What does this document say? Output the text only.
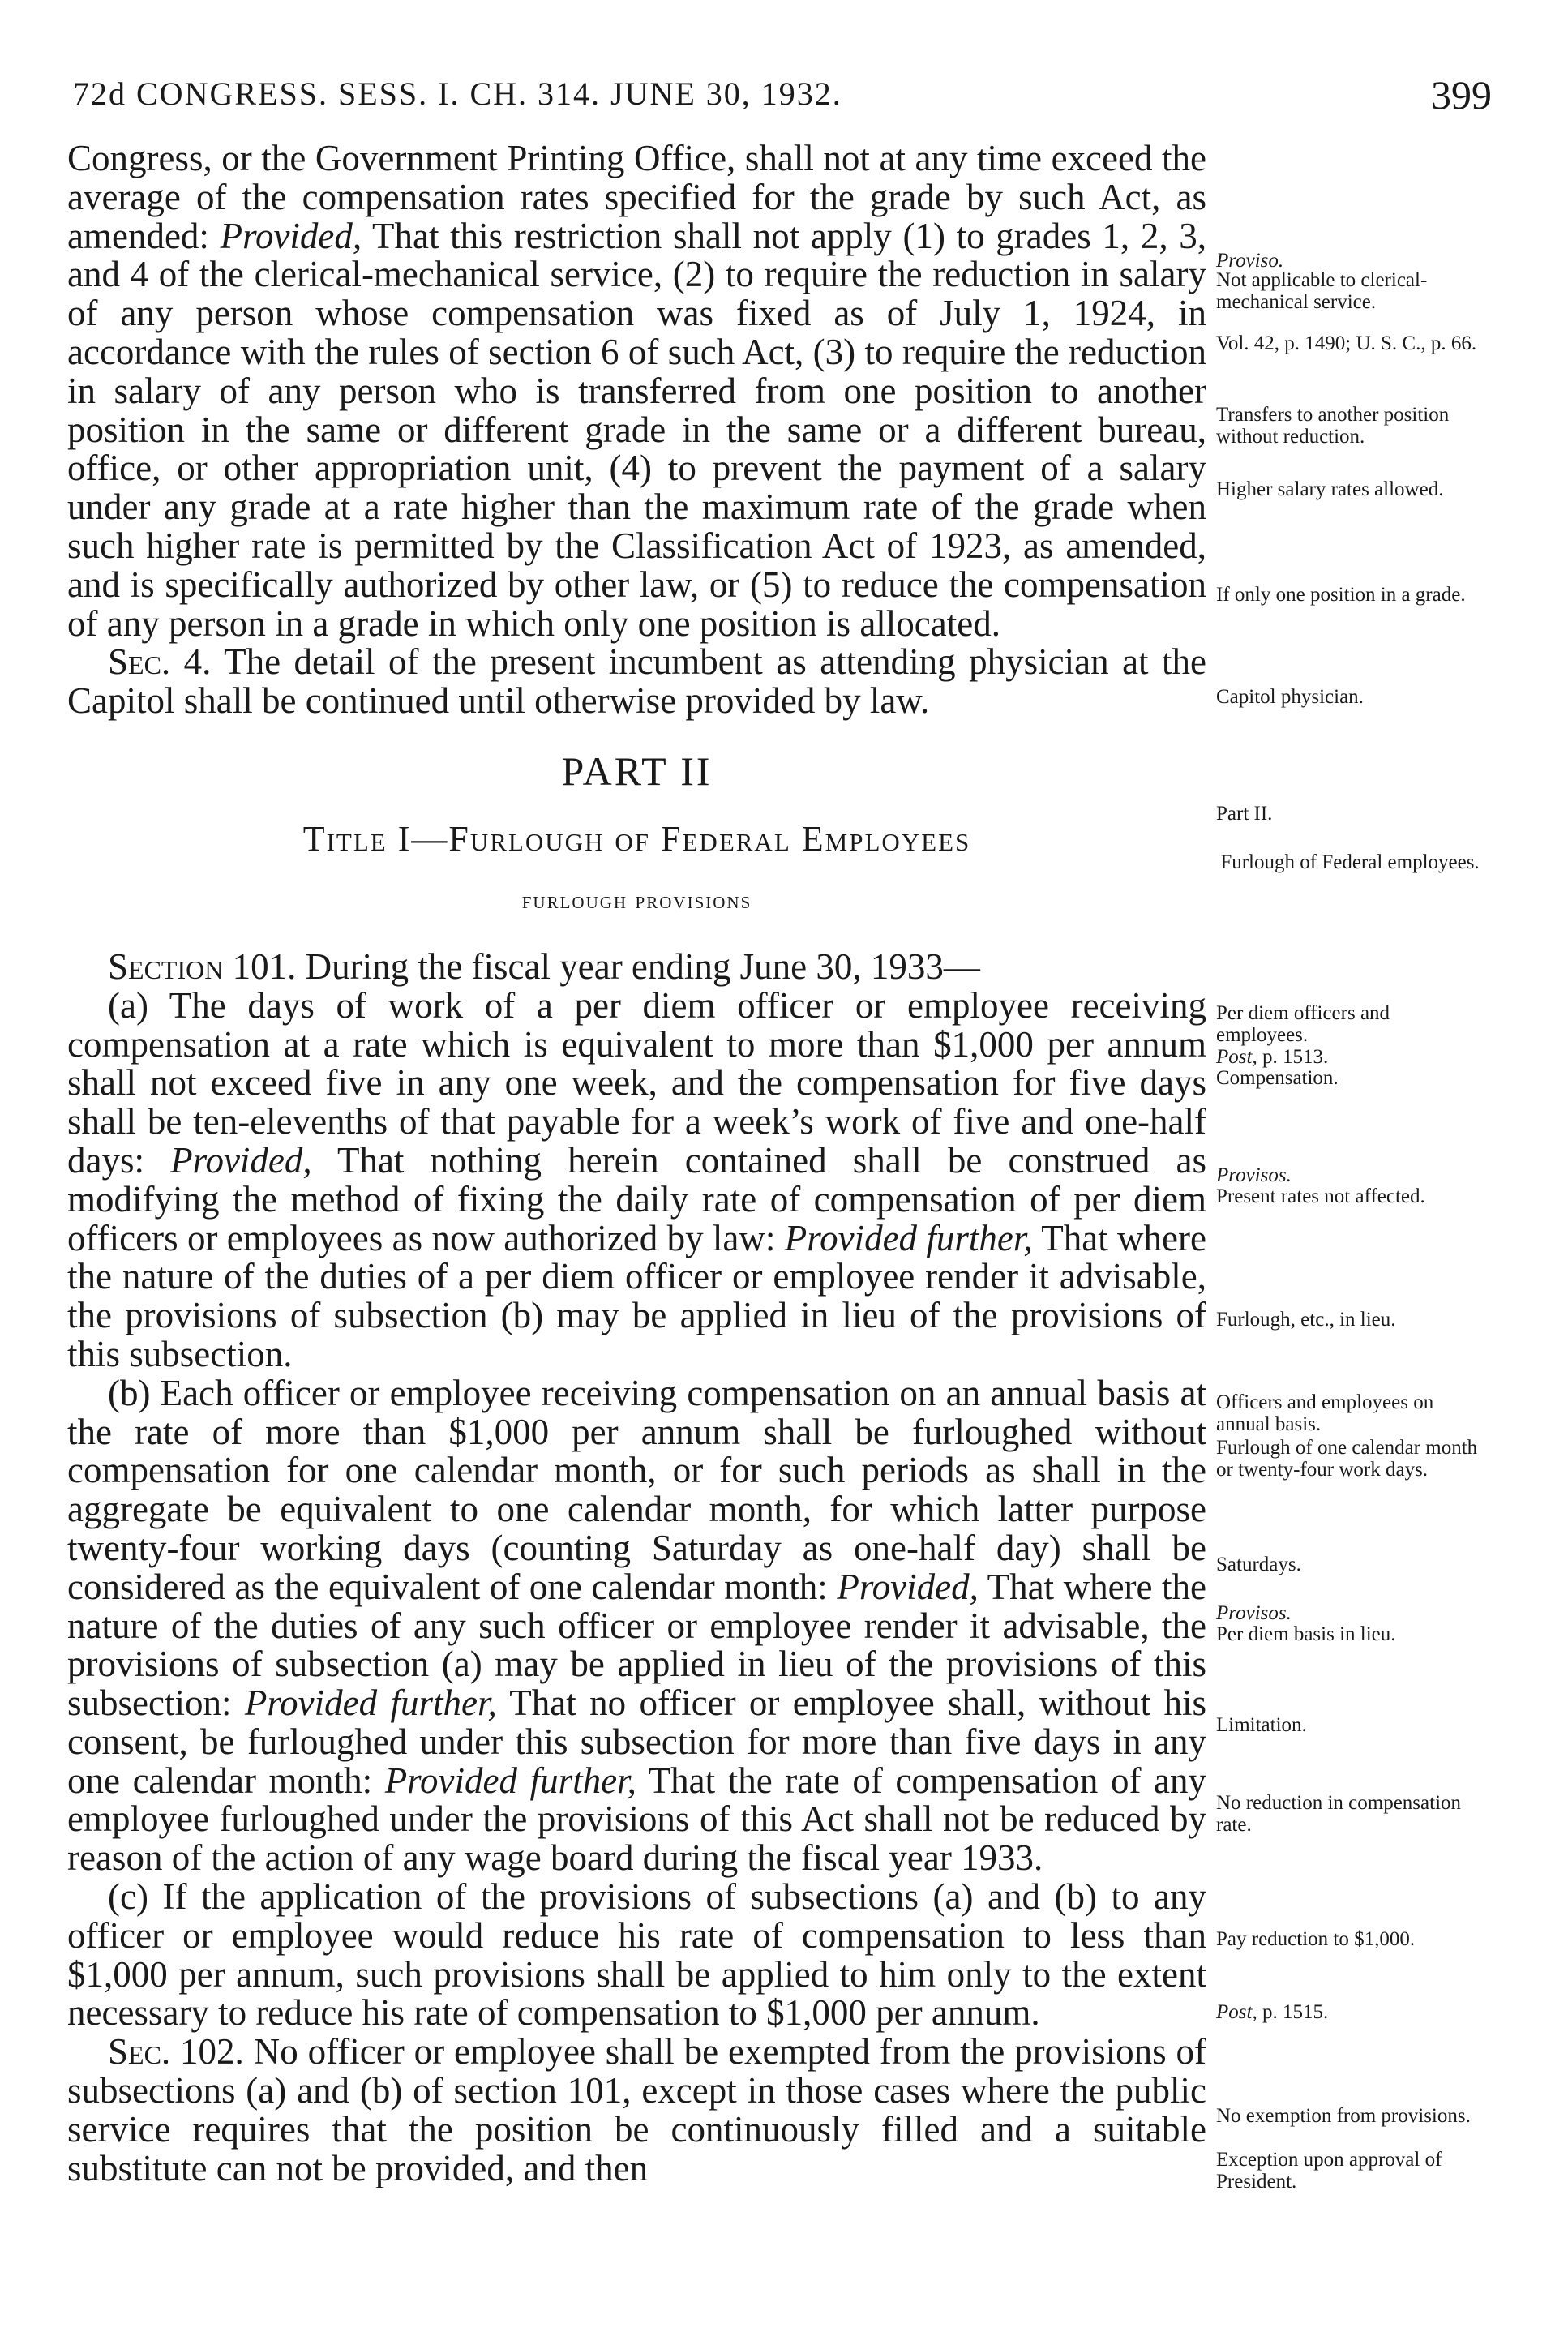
72d CONGRESS. SESS. I. CH. 314. JUNE 30, 1932.	399

Congress, or the Government Printing Office, shall not at any time exceed the average of the compensation rates specified for the grade by such Act, as amended: Provided, That this restriction shall not apply (1) to grades 1, 2, 3, and 4 of the clerical-mechanical service, (2) to require the reduction in salary of any person whose compensation was fixed as of July 1, 1924, in accordance with the rules of section 6 of such Act, (3) to require the reduction in salary of any person who is transferred from one position to another position in the same or different grade in the same or a different bureau, office, or other appropriation unit, (4) to prevent the payment of a salary under any grade at a rate higher than the maximum rate of the grade when such higher rate is permitted by the Classification Act of 1923, as amended, and is specifically authorized by other law, or (5) to reduce the compensation of any person in a grade in which only one position is allocated.

Sec. 4. The detail of the present incumbent as attending physician at the Capitol shall be continued until otherwise provided by law.

PART II
Title I—Furlough of Federal Employees
furlough provisions

Section 101. During the fiscal year ending June 30, 1933—

(a) The days of work of a per diem officer or employee receiving compensation at a rate which is equivalent to more than $1,000 per annum shall not exceed five in any one week, and the compensation for five days shall be ten-elevenths of that payable for a week’s work of five and one-half days: Provided, That nothing herein contained shall be construed as modifying the method of fixing the daily rate of compensation of per diem officers or employees as now authorized by law: Provided further, That where the nature of the duties of a per diem officer or employee render it advisable, the provisions of subsection (b) may be applied in lieu of the provisions of this subsection.

(b) Each officer or employee receiving compensation on an annual basis at the rate of more than $1,000 per annum shall be furloughed without compensation for one calendar month, or for such periods as shall in the aggregate be equivalent to one calendar month, for which latter purpose twenty-four working days (counting Saturday as one-half day) shall be considered as the equivalent of one calendar month: Provided, That where the nature of the duties of any such officer or employee render it advisable, the provisions of subsection (a) may be applied in lieu of the provisions of this subsection: Provided further, That no officer or employee shall, without his consent, be furloughed under this subsection for more than five days in any one calendar month: Provided further, That the rate of compensation of any employee furloughed under the provisions of this Act shall not be reduced by reason of the action of any wage board during the fiscal year 1933.

(c) If the application of the provisions of subsections (a) and (b) to any officer or employee would reduce his rate of compensation to less than $1,000 per annum, such provisions shall be applied to him only to the extent necessary to reduce his rate of compensation to $1,000 per annum.

Sec. 102. No officer or employee shall be exempted from the provisions of subsections (a) and (b) of section 101, except in those cases where the public service requires that the position be continuously filled and a suitable substitute can not be provided, and then

Proviso.
Not applicable to clerical-mechanical service.
Vol. 42, p. 1490; U. S. C., p. 66.
Transfers to another position without reduction.
Higher salary rates allowed.
If only one position in a grade.
Capitol physician.
Part II.
Furlough of Federal employees.
Per diem officers and employees.
Post, p. 1513.
Compensation.
Provisos.
Present rates not affected.
Furlough, etc., in lieu.
Officers and employees on annual basis.
Furlough of one calendar month or twenty-four work days.
Saturdays.
Provisos.
Per diem basis in lieu.
Limitation.
No reduction in compensation rate.
Pay reduction to $1,000.
Post, p. 1515.
No exemption from provisions.
Exception upon approval of President.
